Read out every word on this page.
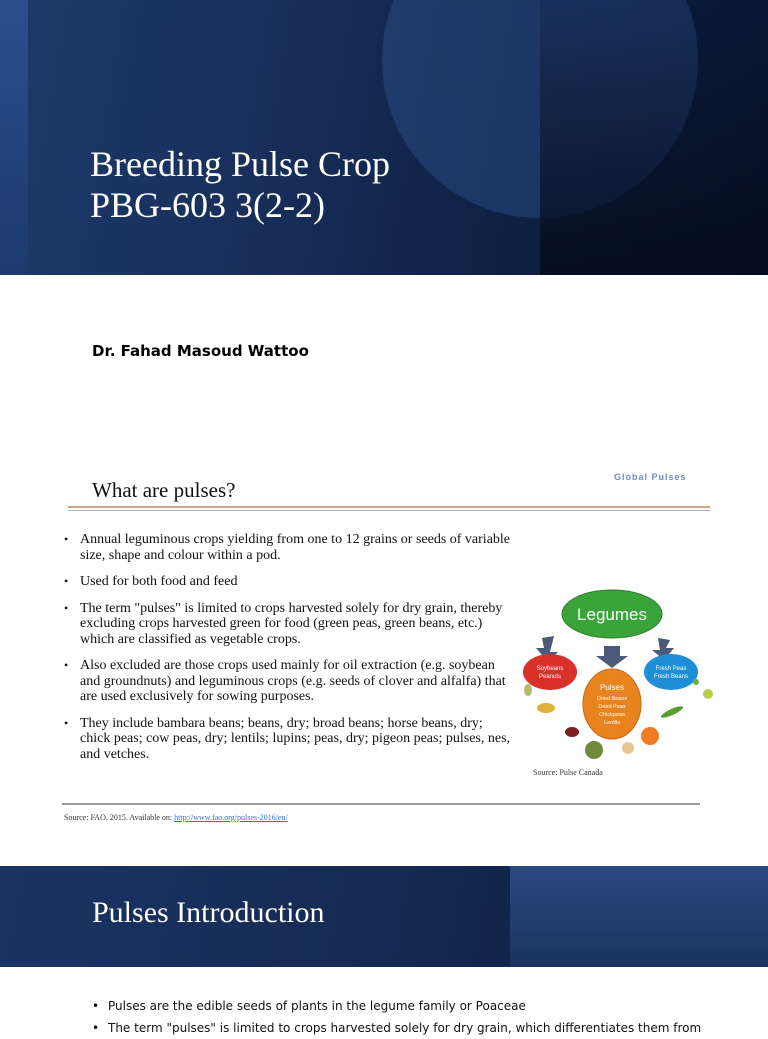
Breeding Pulse Crop
PBG-603 3(2-2)

Dr. Fahad Masoud Wattoo

What are pulses?
Global Pulses
• Annual leguminous crops yielding from one to 12 grains or seeds of variable size, shape and colour within a pod.
• Used for both food and feed
• The term "pulses" is limited to crops harvested solely for dry grain, thereby excluding crops harvested green for food (green peas, green beans, etc.) which are classified as vegetable crops.
• Also excluded are those crops used mainly for oil extraction (e.g. soybean and groundnuts) and leguminous crops (e.g. seeds of clover and alfalfa) that are used exclusively for sowing purposes.
• They include bambara beans; beans, dry; broad beans; horse beans, dry; chick peas; cow peas, dry; lentils; lupins; peas, dry; pigeon peas; pulses, nes, and vetches.
Legumes
Soybeans
Peanuts
Pulses
Dried Beans
Dried Peas
Chickpeas
Lentils
Fresh Peas
Fresh Beans

Source: Pulse Canada

Source: FAO. 2015. Available on: http://www.fao.org/pulses-2016/en/

Pulses Introduction
• Pulses are the edible seeds of plants in the legume family or Poaceae
• The term "pulses" is limited to crops harvested solely for dry grain, which differentiates them from
